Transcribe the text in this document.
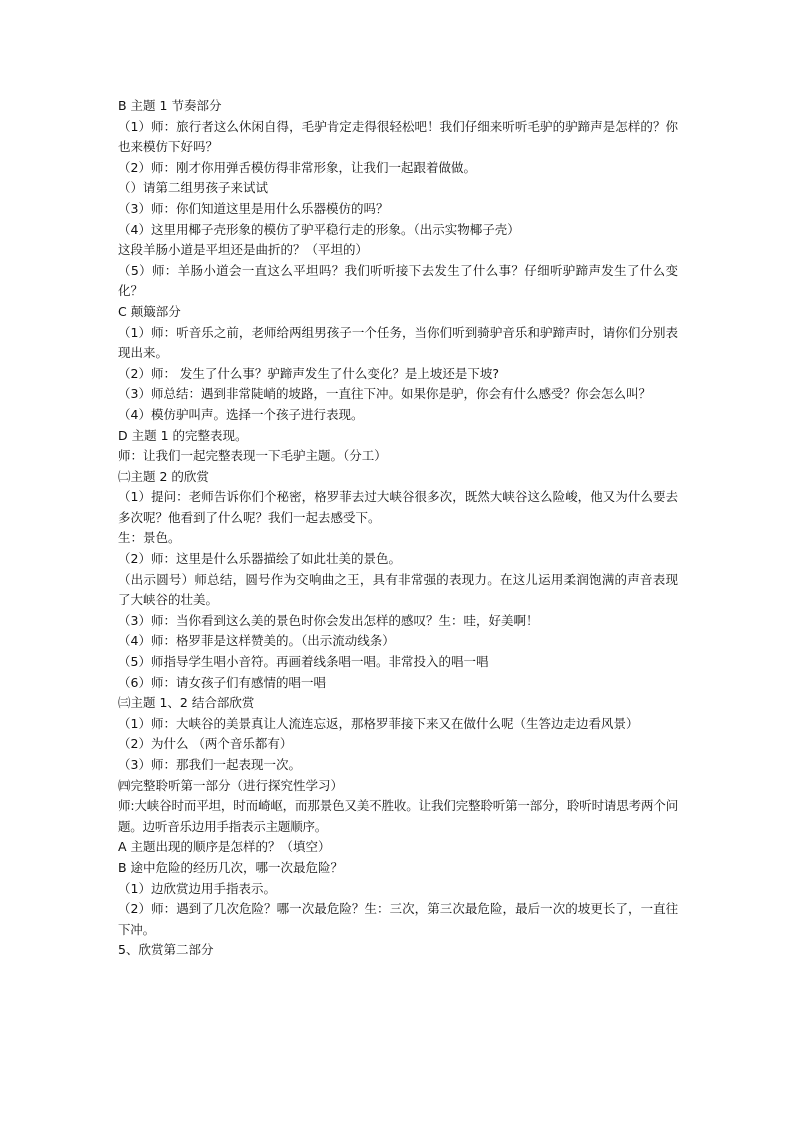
B 主题 1 节奏部分
（1）师：旅行者这么休闲自得，毛驴肯定走得很轻松吧！我们仔细来听听毛驴的驴蹄声是怎样的？你也来模仿下好吗？
（2）师：刚才你用弹舌模仿得非常形象，让我们一起跟着做做。
（）请第二组男孩子来试试
（3）师：你们知道这里是用什么乐器模仿的吗？
（4）这里用椰子壳形象的模仿了驴平稳行走的形象。（出示实物椰子壳）
这段羊肠小道是平坦还是曲折的？（平坦的）
（5）师：羊肠小道会一直这么平坦吗？我们听听接下去发生了什么事？仔细听驴蹄声发生了什么变化？
C 颠簸部分
（1）师：听音乐之前，老师给两组男孩子一个任务，当你们听到骑驴音乐和驴蹄声时，请你们分别表现出来。
（2）师： 发生了什么事？驴蹄声发生了什么变化？是上坡还是下坡?
（3）师总结：遇到非常陡峭的坡路，一直往下冲。如果你是驴，你会有什么感受？你会怎么叫？
（4）模仿驴叫声。选择一个孩子进行表现。
D 主题 1 的完整表现。
师：让我们一起完整表现一下毛驴主题。（分工）
㈡主题 2 的欣赏
（1）提问：老师告诉你们个秘密，格罗菲去过大峡谷很多次，既然大峡谷这么险峻，他又为什么要去多次呢？他看到了什么呢？我们一起去感受下。
生：景色。
（2）师：这里是什么乐器描绘了如此壮美的景色。
（出示圆号）师总结，圆号作为交响曲之王，具有非常强的表现力。在这儿运用柔润饱满的声音表现了大峡谷的壮美。
（3）师：当你看到这么美的景色时你会发出怎样的感叹？生：哇，好美啊！
（4）师：格罗菲是这样赞美的。（出示流动线条）
（5）师指导学生唱小音符。再画着线条唱一唱。非常投入的唱一唱
（6）师：请女孩子们有感情的唱一唱
㈢主题 1、2 结合部欣赏
（1）师：大峡谷的美景真让人流连忘返，那格罗菲接下来又在做什么呢（生答边走边看风景）
（2）为什么 （两个音乐都有）
（3）师：那我们一起表现一次。
㈣完整聆听第一部分（进行探究性学习）
师:大峡谷时而平坦，时而崎岖，而那景色又美不胜收。让我们完整聆听第一部分，聆听时请思考两个问题。边听音乐边用手指表示主题顺序。
A 主题出现的顺序是怎样的？（填空）
B 途中危险的经历几次，哪一次最危险？
（1）边欣赏边用手指表示。
（2）师：遇到了几次危险？哪一次最危险？生：三次，第三次最危险，最后一次的坡更长了，一直往下冲。
5、欣赏第二部分
